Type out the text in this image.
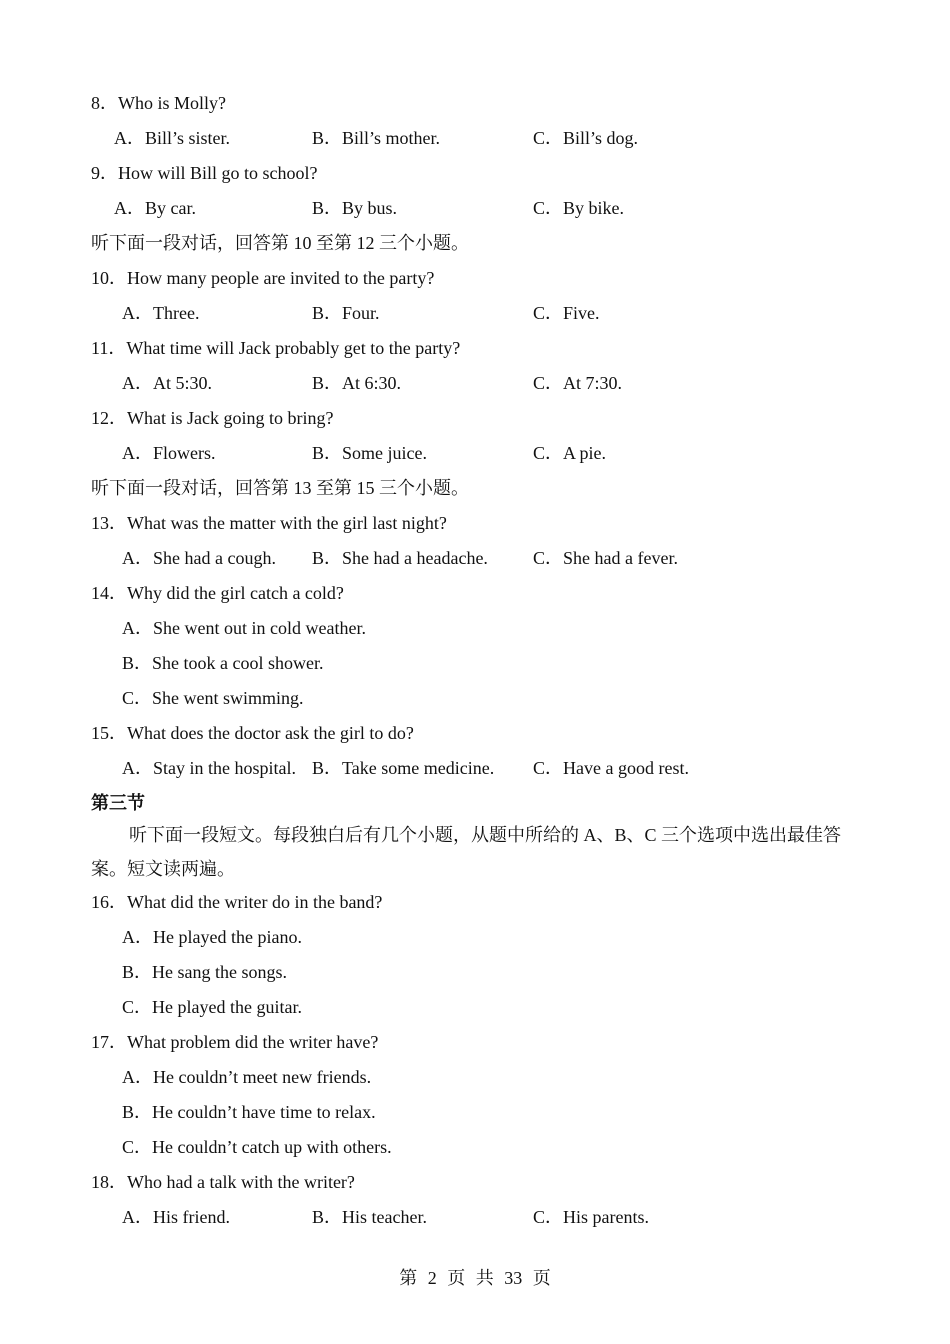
8．Who is Molly?
A．Bill’s sister.	B．Bill’s mother.	C．Bill’s dog.
9．How will Bill go to school?
A．By car.	B．By bus.	C．By bike.
听下面一段对话，回答第 10 至第 12 三个小题。
10．How many people are invited to the party?
A．Three.	B．Four.	C．Five.
11．What time will Jack probably get to the party?
A．At 5:30.	B．At 6:30.	C．At 7:30.
12．What is Jack going to bring?
A．Flowers.	B．Some juice.	C．A pie.
听下面一段对话，回答第 13 至第 15 三个小题。
13．What was the matter with the girl last night?
A．She had a cough. B．She had a headache.	C．She had a fever.
14．Why did the girl catch a cold?
A．She went out in cold weather.
B．She took a cool shower.
C．She went swimming.
15．What does the doctor ask the girl to do?
A．Stay in the hospital. B．Take some medicine. C．Have a good rest.
第三节
听下面一段短文。每段独白后有几个小题，从题中所给的 A、B、C 三个选项中选出最佳答案。短文读两遍。
16．What did the writer do in the band?
A．He played the piano.
B．He sang the songs.
C．He played the guitar.
17．What problem did the writer have?
A．He couldn’t meet new friends.
B．He couldn’t have time to relax.
C．He couldn’t catch up with others.
18．Who had a talk with the writer?
A．His friend.	B．His teacher.	C．His parents.
第 2 页 共 33 页
